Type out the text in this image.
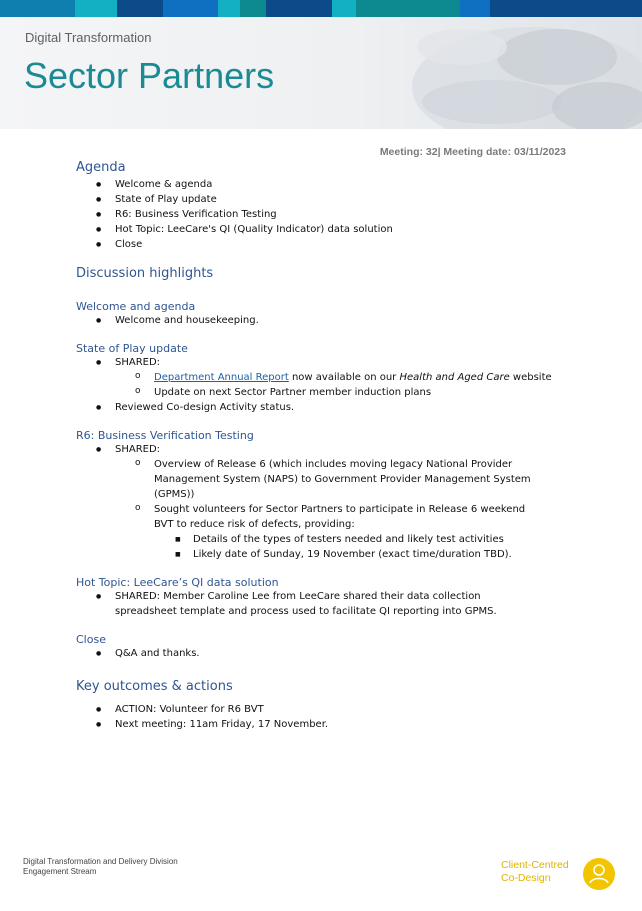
Digital Transformation
Sector Partners
Meeting: 32| Meeting date: 03/11/2023
Agenda
● Welcome & agenda
● State of Play update
● R6: Business Verification Testing
● Hot Topic: LeeCare's QI (Quality Indicator) data solution
● Close
Discussion highlights
Welcome and agenda
● Welcome and housekeeping.
State of Play update
● SHARED:
o Department Annual Report now available on our Health and Aged Care website
o Update on next Sector Partner member induction plans
● Reviewed Co-design Activity status.
R6: Business Verification Testing
● SHARED:
o Overview of Release 6 (which includes moving legacy National Provider Management System (NAPS) to Government Provider Management System (GPMS))
o Sought volunteers for Sector Partners to participate in Release 6 weekend BVT to reduce risk of defects, providing:
■ Details of the types of testers needed and likely test activities
■ Likely date of Sunday, 19 November (exact time/duration TBD).
Hot Topic: LeeCare’s QI data solution
● SHARED: Member Caroline Lee from LeeCare shared their data collection spreadsheet template and process used to facilitate QI reporting into GPMS.
Close
● Q&A and thanks.
Key outcomes & actions
● ACTION: Volunteer for R6 BVT
● Next meeting: 11am Friday, 17 November.
Digital Transformation and Delivery Division
Engagement Stream
Client-Centred
Co-Design
